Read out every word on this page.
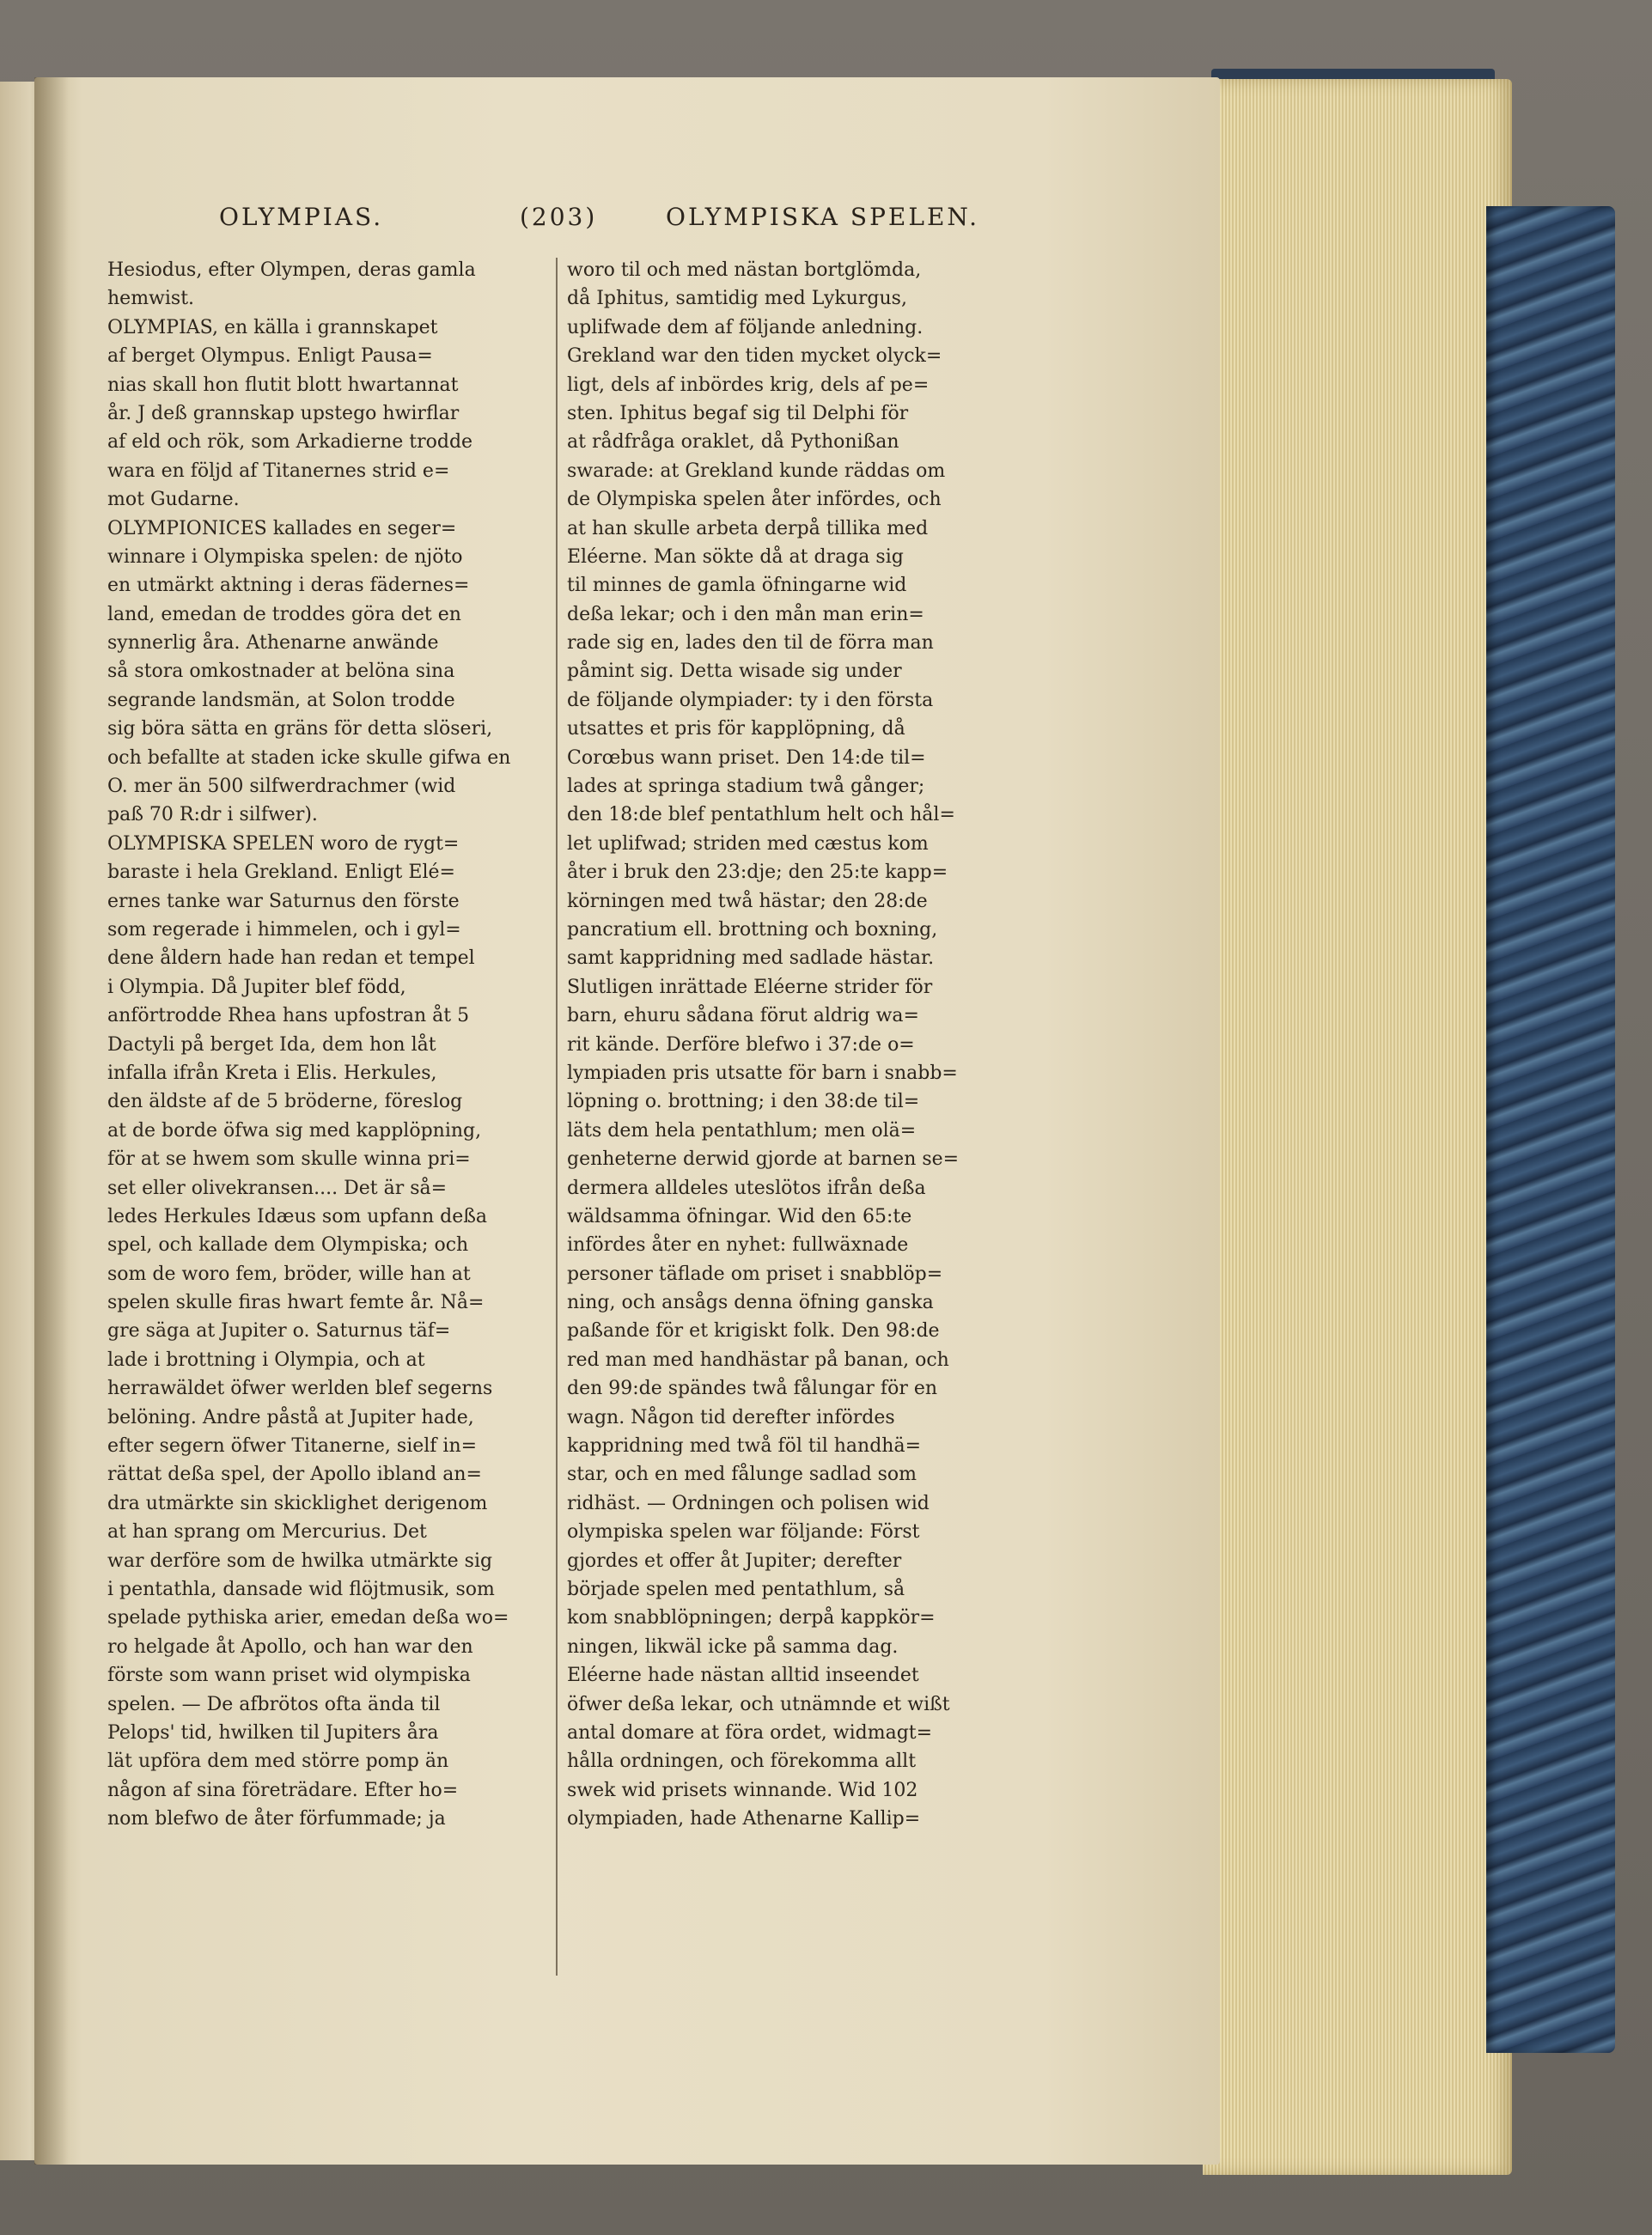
OLYMPIAS.	(203)	OLYMPISKA SPELEN.
Hesiodus, efter Olympen, deras gamla
hemwist.
OLYMPIAS, en källa i grannskapet
af berget Olympus. Enligt Pausa=
nias skall hon flutit blott hwartannat
år. J deß grannskap upstego hwirflar
af eld och rök, som Arkadierne trodde
wara en följd af Titanernes strid e=
mot Gudarne.
OLYMPIONICES kallades en seger=
winnare i Olympiska spelen: de njöto
en utmärkt aktning i deras fädernes=
land, emedan de troddes göra det en
synnerlig åra. Athenarne anwände
så stora omkostnader at belöna sina
segrande landsmän, at Solon trodde
sig böra sätta en gräns för detta slöseri,
och befallte at staden icke skulle gifwa en
O. mer än 500 silfwerdrachmer (wid
paß 70 R:dr i silfwer).
OLYMPISKA SPELEN woro de rygt=
baraste i hela Grekland. Enligt Elé=
ernes tanke war Saturnus den förste
som regerade i himmelen, och i gyl=
dene åldern hade han redan et tempel
i Olympia. Då Jupiter blef född,
anförtrodde Rhea hans upfostran åt 5
Dactyli på berget Ida, dem hon låt
infalla ifrån Kreta i Elis. Herkules,
den äldste af de 5 bröderne, föreslog
at de borde öfwa sig med kapplöpning,
för at se hwem som skulle winna pri=
set eller olivekransen.... Det är så=
ledes Herkules Idæus som upfann deßa
spel, och kallade dem Olympiska; och
som de woro fem, bröder, wille han at
spelen skulle firas hwart femte år. Nå=
gre säga at Jupiter o. Saturnus täf=
lade i brottning i Olympia, och at
herrawäldet öfwer werlden blef segerns
belöning. Andre påstå at Jupiter hade,
efter segern öfwer Titanerne, sielf in=
rättat deßa spel, der Apollo ibland an=
dra utmärkte sin skicklighet derigenom
at han sprang om Mercurius. Det
war derföre som de hwilka utmärkte sig
i pentathla, dansade wid flöjtmusik, som
spelade pythiska arier, emedan deßa wo=
ro helgade åt Apollo, och han war den
förste som wann priset wid olympiska
spelen. — De afbrötos ofta ända til
Pelops' tid, hwilken til Jupiters åra
lät upföra dem med större pomp än
någon af sina företrädare. Efter ho=
nom blefwo de åter förfummade; ja
woro til och med nästan bortglömda,
då Iphitus, samtidig med Lykurgus,
uplifwade dem af följande anledning.
Grekland war den tiden mycket olyck=
ligt, dels af inbördes krig, dels af pe=
sten. Iphitus begaf sig til Delphi för
at rådfråga oraklet, då Pythonißan
swarade: at Grekland kunde räddas om
de Olympiska spelen åter infördes, och
at han skulle arbeta derpå tillika med
Eléerne. Man sökte då at draga sig
til minnes de gamla öfningarne wid
deßa lekar; och i den mån man erin=
rade sig en, lades den til de förra man
påmint sig. Detta wisade sig under
de följande olympiader: ty i den första
utsattes et pris för kapplöpning, då
Corœbus wann priset. Den 14:de til=
lades at springa stadium twå gånger;
den 18:de blef pentathlum helt och hål=
let uplifwad; striden med cæstus kom
åter i bruk den 23:dje; den 25:te kapp=
körningen med twå hästar; den 28:de
pancratium ell. brottning och boxning,
samt kappridning med sadlade hästar.
Slutligen inrättade Eléerne strider för
barn, ehuru sådana förut aldrig wa=
rit kände. Derföre blefwo i 37:de o=
lympiaden pris utsatte för barn i snabb=
löpning o. brottning; i den 38:de til=
läts dem hela pentathlum; men olä=
genheterne derwid gjorde at barnen se=
dermera alldeles uteslötos ifrån deßa
wäldsamma öfningar. Wid den 65:te
infördes åter en nyhet: fullwäxnade
personer täflade om priset i snabblöp=
ning, och ansågs denna öfning ganska
paßande för et krigiskt folk. Den 98:de
red man med handhästar på banan, och
den 99:de spändes twå fålungar för en
wagn. Någon tid derefter infördes
kappridning med twå föl til handhä=
star, och en med fålunge sadlad som
ridhäst. — Ordningen och polisen wid
olympiska spelen war följande: Först
gjordes et offer åt Jupiter; derefter
började spelen med pentathlum, så
kom snabblöpningen; derpå kappkör=
ningen, likwäl icke på samma dag.
Eléerne hade nästan alltid inseendet
öfwer deßa lekar, och utnämnde et wißt
antal domare at föra ordet, widmagt=
hålla ordningen, och förekomma allt
swek wid prisets winnande. Wid 102
olympiaden, hade Athenarne Kallip=
